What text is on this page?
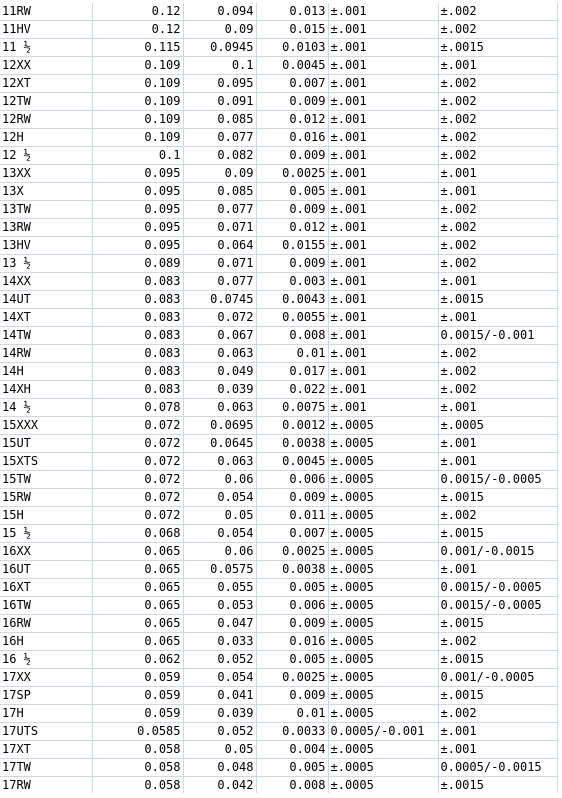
11RW	0.12	0.094	0.013	±.001	±.002
11HV	0.12	0.09	0.015	±.001	±.002
11 ½	0.115	0.0945	0.0103	±.001	±.0015
12XX	0.109	0.1	0.0045	±.001	±.001
12XT	0.109	0.095	0.007	±.001	±.002
12TW	0.109	0.091	0.009	±.001	±.002
12RW	0.109	0.085	0.012	±.001	±.002
12H	0.109	0.077	0.016	±.001	±.002
12 ½	0.1	0.082	0.009	±.001	±.002
13XX	0.095	0.09	0.0025	±.001	±.001
13X	0.095	0.085	0.005	±.001	±.001
13TW	0.095	0.077	0.009	±.001	±.002
13RW	0.095	0.071	0.012	±.001	±.002
13HV	0.095	0.064	0.0155	±.001	±.002
13 ½	0.089	0.071	0.009	±.001	±.002
14XX	0.083	0.077	0.003	±.001	±.001
14UT	0.083	0.0745	0.0043	±.001	±.0015
14XT	0.083	0.072	0.0055	±.001	±.001
14TW	0.083	0.067	0.008	±.001	0.0015/-0.001
14RW	0.083	0.063	0.01	±.001	±.002
14H	0.083	0.049	0.017	±.001	±.002
14XH	0.083	0.039	0.022	±.001	±.002
14 ½	0.078	0.063	0.0075	±.001	±.001
15XXX	0.072	0.0695	0.0012	±.0005	±.0005
15UT	0.072	0.0645	0.0038	±.0005	±.001
15XTS	0.072	0.063	0.0045	±.0005	±.001
15TW	0.072	0.06	0.006	±.0005	0.0015/-0.0005
15RW	0.072	0.054	0.009	±.0005	±.0015
15H	0.072	0.05	0.011	±.0005	±.002
15 ½	0.068	0.054	0.007	±.0005	±.0015
16XX	0.065	0.06	0.0025	±.0005	0.001/-0.0015
16UT	0.065	0.0575	0.0038	±.0005	±.001
16XT	0.065	0.055	0.005	±.0005	0.0015/-0.0005
16TW	0.065	0.053	0.006	±.0005	0.0015/-0.0005
16RW	0.065	0.047	0.009	±.0005	±.0015
16H	0.065	0.033	0.016	±.0005	±.002
16 ½	0.062	0.052	0.005	±.0005	±.0015
17XX	0.059	0.054	0.0025	±.0005	0.001/-0.0005
17SP	0.059	0.041	0.009	±.0005	±.0015
17H	0.059	0.039	0.01	±.0005	±.002
17UTS	0.0585	0.052	0.0033	0.0005/-0.001	±.001
17XT	0.058	0.05	0.004	±.0005	±.001
17TW	0.058	0.048	0.005	±.0005	0.0005/-0.0015
17RW	0.058	0.042	0.008	±.0005	±.0015
